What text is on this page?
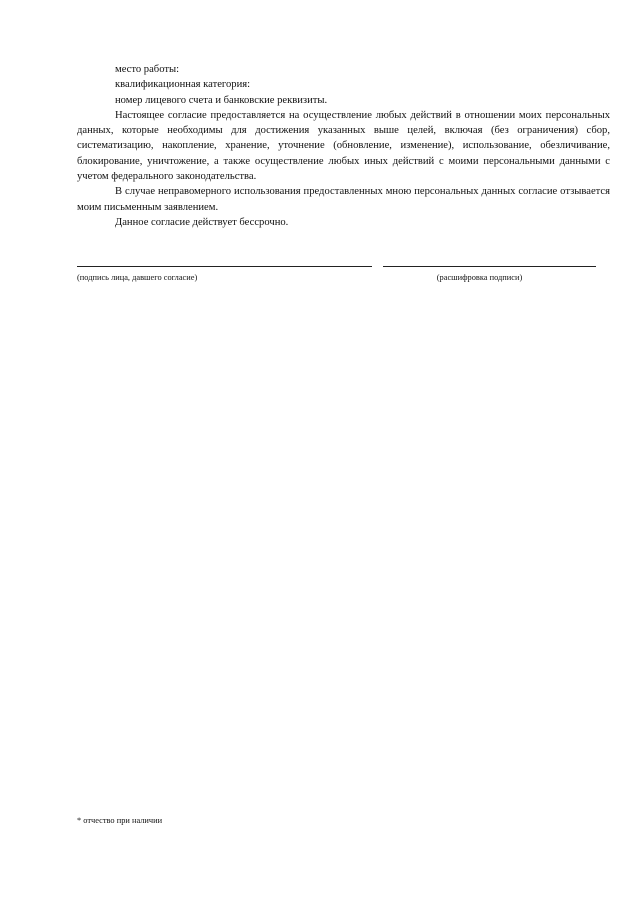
место работы:

квалификационная категория:

номер лицевого счета и банковские реквизиты.

Настоящее согласие предоставляется на осуществление любых действий в отношении моих персональных данных, которые необходимы для достижения указанных выше целей, включая (без ограничения) сбор, систематизацию, накопление, хранение, уточнение (обновление, изменение), использование, обезличивание, блокирование, уничтожение, а также осуществление любых иных действий с моими персональными данными с учетом федерального законодательства.

В случае неправомерного использования предоставленных мною персональных данных согласие отзывается моим письменным заявлением.

Данное согласие действует бессрочно.

(подпись лица, давшего согласие)	(расшифровка подписи)
* отчество при наличии
